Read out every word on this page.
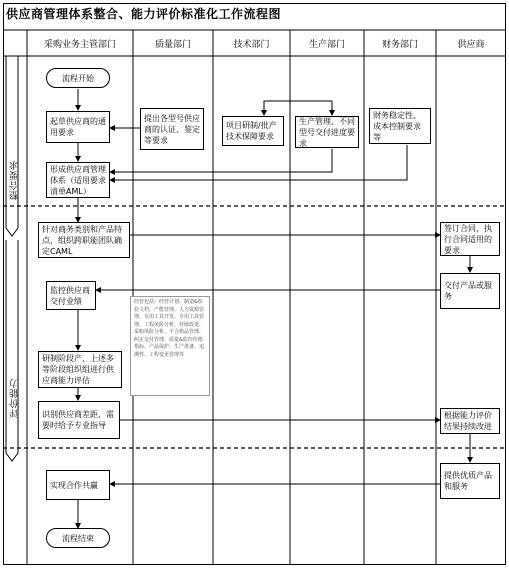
供应商管理体系整合、能力评价标准化工作流程图
采购业务主管部门	质量部门	技术部门	生产部门	财务部门	供应商
整合要求
评价能力
流程开始
起草供应商的通用要求
提出各型号供应商的认证、鉴定等要求
项目研制/批产技术保障要求
生产管理、不同型号交付进度要求
财务稳定性、成本控制要求等
形成供应商管理体系（适用要求清单AML）
针对商务类别和产品特点，组织跨职能团队确定CAML
签订合同，执行合同适用的要求
监控供应商交付业绩
交付产品或服务
研制阶段产、上述多等阶段组织组进行供应商能力评估
识别供应商差距，需要时给予专业指导
根据能力评价结果持续改进
实现合作共赢
提供优质产品和服务
流程结束
经营包括：经营计划、制造&检验文档、产能管理、人力资源管理、专用工具开发、专用工具管理、工程风险分析、持续改进、采购风险分析、不合格品管理、纠正交付管理、质量&监控价格指标、产品保护、生产准备、追溯性、工程变更管理等
